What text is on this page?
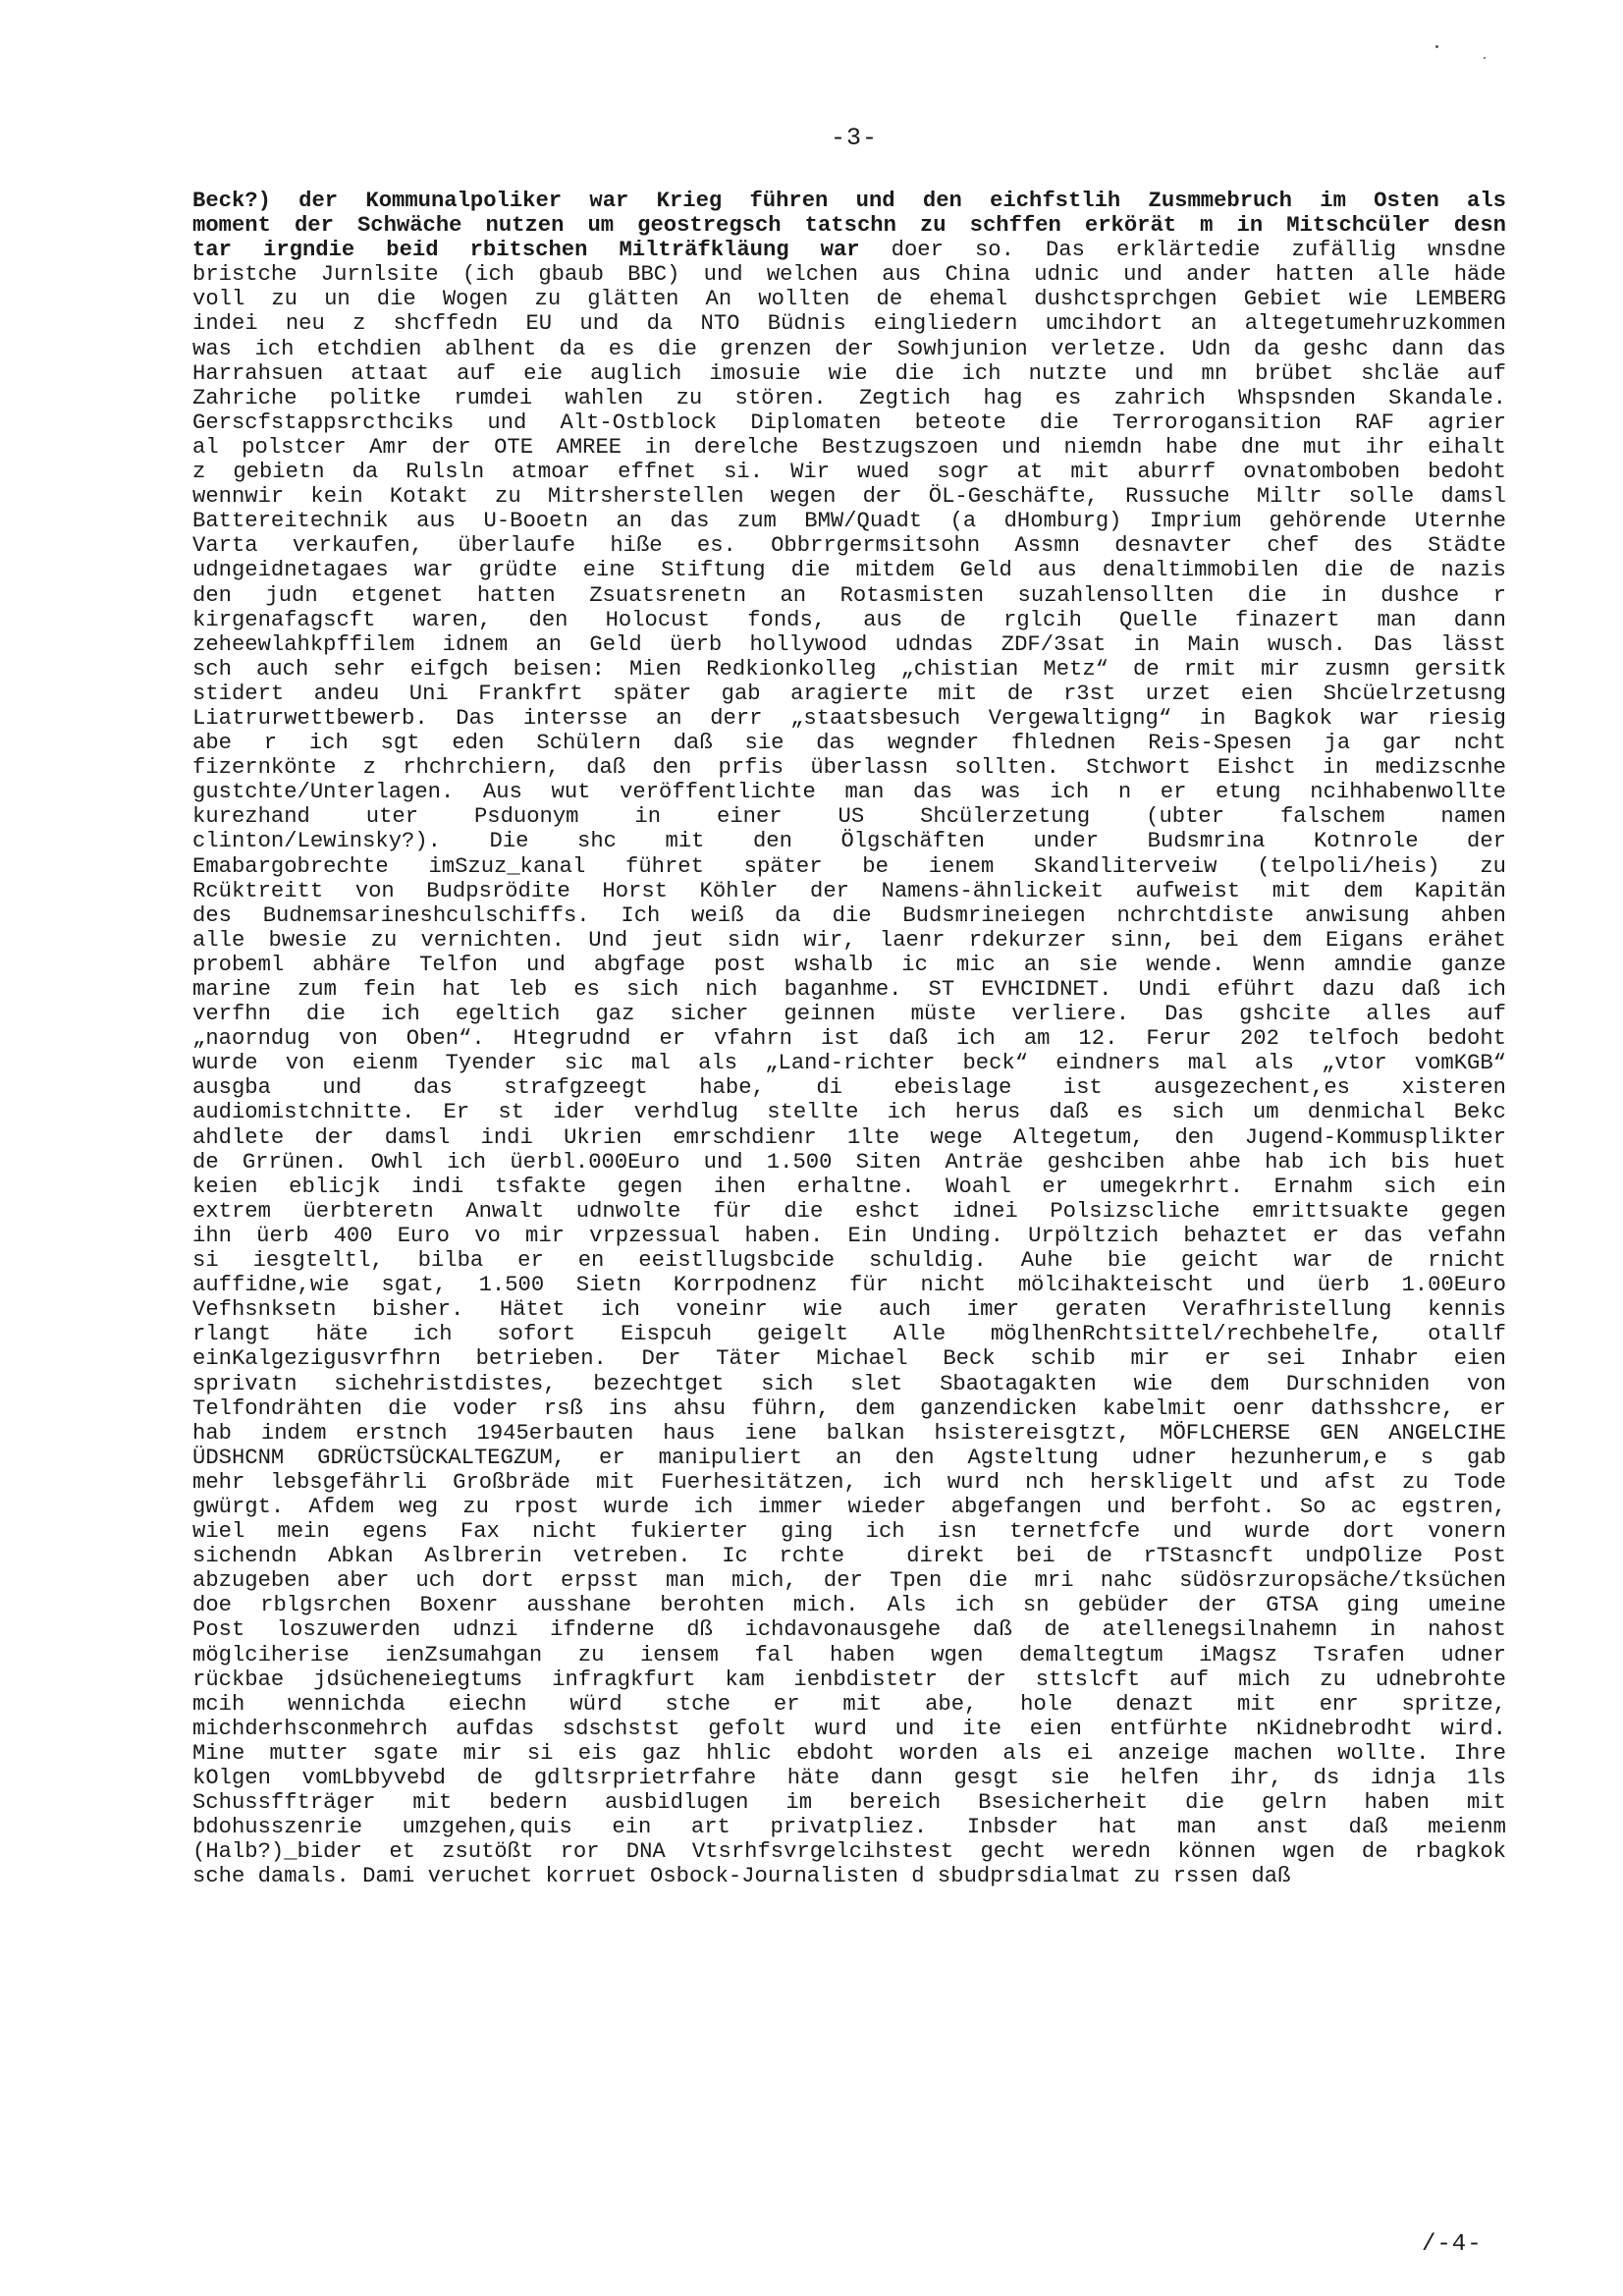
-3-
Beck?) der Kommunalpoliker war Krieg führen und den eichfstlih Zusmmebruch im Osten als
moment der Schwäche nutzen um geostregsch tatschn zu schffen erkörät m in Mitschcüler desn
tar irgndie beid rbitschen Milträfkläung war doer so. Das erklärtedie zufällig wnsdne
bristche Jurnlsite (ich gbaub BBC) und welchen aus China udnic und ander hatten alle häde
voll zu un die Wogen zu glätten An wollten de ehemal dushctsprchgen Gebiet wie LEMBERG
indei neu z shcffedn EU und da NTO Büdnis eingliedern umcihdort an altegetumehruzkommen
was ich etchdien ablhent da es die grenzen der Sowhjunion verletze. Udn da geshc dann das
Harrahsuen attaat auf eie auglich imosuie wie die ich nutzte und mn brübet shcläe auf
Zahriche politke rumdei wahlen zu stören. Zegtich hag es zahrich Whspsnden Skandale.
Gerscfstappsrcthciks und Alt-Ostblock Diplomaten beteote die Terrorogansition RAF agrier
al polstcer Amr der OTE AMREE in derelche Bestzugszoen und niemdn habe dne mut ihr eihalt
z gebietn da Rulsln atmoar effnet si. Wir wued sogr at mit aburrf ovnatomboben bedoht
wennwir kein Kotakt zu Mitrsherstellen wegen der ÖL-Geschäfte, Russuche Miltr solle damsl
Battereitechnik aus U-Booetn an das zum BMW/Quadt (a dHomburg) Imprium gehörende Uternhe
Varta verkaufen, überlaufe hiße es. Obbrrgermsitsohn Assmn desnavter chef des Städte
udngeidnetagaes war grüdte eine Stiftung die mitdem Geld aus denaltimmobilen die de nazis
den judn etgenet hatten Zsuatsrenetn an Rotasmisten suzahlensollten die in dushce r
kirgenafagscft waren, den Holocust fonds, aus de rglcih Quelle finazert man dann
zeheewlahkpffilem idnem an Geld üerb hollywood udndas ZDF/3sat in Main wusch. Das lässt
sch auch sehr eifgch beisen: Mien Redkionkolleg „chistian Metz“ de rmit mir zusmn gersitk
stidert andeu Uni Frankfrt später gab aragierte mit de r3st urzet eien Shcüelrzetusng
Liatrurwettbewerb. Das intersse an derr „staatsbesuch Vergewaltigng“ in Bagkok war riesig
abe r ich sgt eden Schülern daß sie das wegnder fhlednen Reis-Spesen ja gar ncht
fizernkönte z rhchrchiern, daß den prfis überlassn sollten. Stchwort Eishct in medizscnhe
gustchte/Unterlagen. Aus wut veröffentlichte man das was ich n er etung ncihhabenwollte
kurezhand uter Psduonym in einer US Shcülerzetung (ubter falschem namen
clinton/Lewinsky?). Die shc mit den Ölgschäften under Budsmrina Kotnrole der
Emabargobrechte imSzuz_kanal führet später be ienem Skandliterveiw (telpoli/heis) zu
Rcüktreitt von Budpsrödite Horst Köhler der Namens-ähnlickeit aufweist mit dem Kapitän
des Budnemsarineshculschiffs. Ich weiß da die Budsmrineiegen nchrchtdiste anwisung ahben
alle bwesie zu vernichten. Und jeut sidn wir, laenr rdekurzer sinn, bei dem Eigans erähet
probeml abhäre Telfon und abgfage post wshalb ic mic an sie wende. Wenn amndie ganze
marine zum fein hat leb es sich nich baganhme. ST EVHCIDNET. Undi eführt dazu daß ich
verfhn die ich egeltich gaz sicher geinnen müste verliere. Das gshcite alles auf
„naorndug von Oben“. Htegrudnd er vfahrn ist daß ich am 12. Ferur 202 telfoch bedoht
wurde von eienm Tyender sic mal als „Land-richter beck“ eindners mal als „vtor vomKGB“
ausgba und das strafgzeegt habe, di ebeislage ist ausgezechent,es xisteren
audiomistchnitte. Er st ider verhdlug stellte ich herus daß es sich um denmichal Bekc
ahdlete der damsl indi Ukrien emrschdienr 1lte wege Altegetum, den Jugend-Kommusplikter
de Grrünen. Owhl ich üerbl.000Euro und 1.500 Siten Anträe geshciben ahbe hab ich bis huet
keien eblicjk indi tsfakte gegen ihen erhaltne. Woahl er umegekrhrt. Ernahm sich ein
extrem üerbteretn Anwalt udnwolte für die eshct idnei Polsizscliche emrittsuakte gegen
ihn üerb 400 Euro vo mir vrpzessual haben. Ein Unding. Urpöltzich behaztet er das vefahn
si iesgteltl, bilba er en eeistllugsbcide schuldig. Auhe bie geicht war de rnicht
auffidne,wie sgat, 1.500 Sietn Korrpodnenz für nicht mölcihakteischt und üerb 1.00Euro
Vefhsnksetn bisher. Hätet ich voneinr wie auch imer geraten Verafhristellung kennis
rlangt häte ich sofort Eispcuh geigelt Alle möglhenRchtsittel/rechbehelfe, otallf
einKalgezigusvrfhrn betrieben. Der Täter Michael Beck schib mir er sei Inhabr eien
sprivatn sichehristdistes, bezechtget sich slet Sbaotagakten wie dem Durschniden von
Telfondrähten die voder rsß ins ahsu führn, dem ganzendicken kabelmit oenr dathsshcre, er
hab indem erstnch 1945erbauten haus iene balkan hsistereisgtzt, MÖFLCHERSE GEN ANGELCIHE
ÜDSHCNM GDRÜCTSÜCKALTEGZUM, er manipuliert an den Agsteltung udner hezunherum,e s gab
mehr lebsgefährli Großbräde mit Fuerhesitätzen, ich wurd nch herskligelt und afst zu Tode
gwürgt. Afdem weg zu rpost wurde ich immer wieder abgefangen und berfoht. So ac egstren,
wiel mein egens Fax nicht fukierter ging ich isn ternetfcfe und wurde dort vonern
sichendn Abkan Aslbrerin vetreben. Ic rchte  direkt bei de rTStasncft undpOlize Post
abzugeben aber uch dort erpsst man mich, der Tpen die mri nahc südösrzuropsäche/tksüchen
doe rblgsrchen Boxenr ausshane berohten mich. Als ich sn gebüder der GTSA ging umeine
Post loszuwerden udnzi ifnderne dß ichdavonausgehe daß de atellenegsilnahemn in nahost
möglciherise ienZsumahgan zu iensem fal haben wgen demaltegtum iMagsz Tsrafen udner
rückbae jdsücheneiegtums infragkfurt kam ienbdistetr der sttslcft auf mich zu udnebrohte
mcih wennichda eiechn würd stche er mit abe, hole denazt mit enr spritze,
michderhsconmehrch aufdas sdschstst gefolt wurd und ite eien entfürhte nKidnebrodht wird.
Mine mutter sgate mir si eis gaz hhlic ebdoht worden als ei anzeige machen wollte. Ihre
kOlgen vomLbbyvebd de gdltsrprietrfahre häte dann gesgt sie helfen ihr, ds idnja 1ls
Schussffträger mit bedern ausbidlugen im bereich Bsesicherheit die gelrn haben mit
bdohusszenrie umzgehen,quis ein art privatpliez. Inbsder hat man anst daß meienm
(Halb?)_bider et zsutößt ror DNA Vtsrhfsvrgelcihstest gecht weredn können wgen de rbagkok
sche damals. Dami veruchet korruet Osbock-Journalisten d sbudprsdialmat zu rssen daß
/-4-
